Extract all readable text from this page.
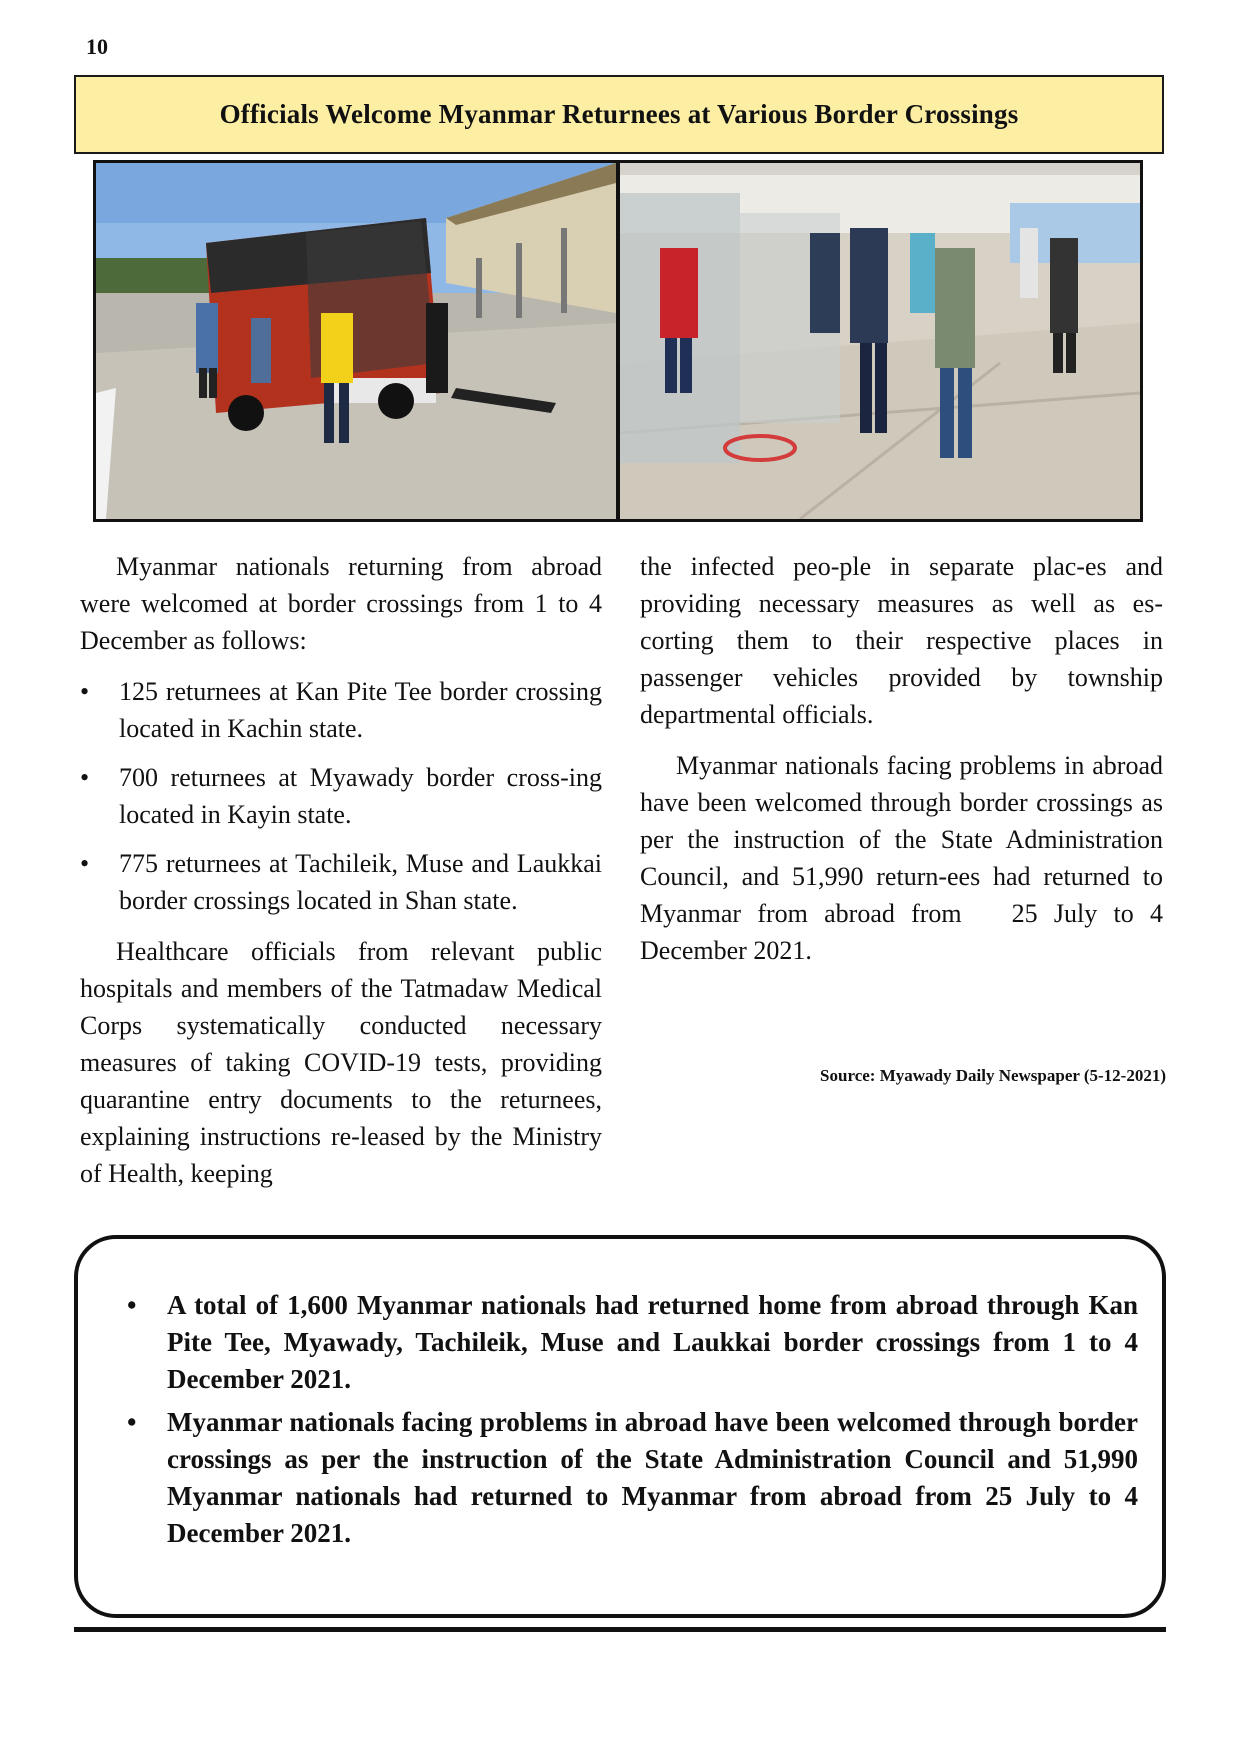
10
Officials Welcome Myanmar Returnees at Various Border Crossings

Myanmar nationals returning from abroad were welcomed at border crossings from 1 to 4 December as follows:

• 125 returnees at Kan Pite Tee border crossing located in Kachin state.
• 700 returnees at Myawady border cross-ing located in Kayin state.
• 775 returnees at Tachileik, Muse and Laukkai border crossings located in Shan state.

Healthcare officials from relevant public hospitals and members of the Tatmadaw Medical Corps systematically conducted necessary measures of taking COVID-19 tests, providing quarantine entry documents to the returnees, explaining instructions re-leased by the Ministry of Health, keeping

the infected peo-ple in separate plac-es and providing necessary measures as well as es-corting them to their respective places in passenger vehicles provided by township departmental officials.

Myanmar nationals facing problems in abroad have been welcomed through border crossings as per the instruction of the State Administration Council, and 51,990 return-ees had returned to Myanmar from abroad from 25 July to 4 December 2021.

Source: Myawady Daily Newspaper (5-12-2021)
• A total of 1,600 Myanmar nationals had returned home from abroad through Kan Pite Tee, Myawady, Tachileik, Muse and Laukkai border crossings from 1 to 4 December 2021.
• Myanmar nationals facing problems in abroad have been welcomed through border crossings as per the instruction of the State Administration Council and 51,990 Myanmar nationals had returned to Myanmar from abroad from 25 July to 4 December 2021.
